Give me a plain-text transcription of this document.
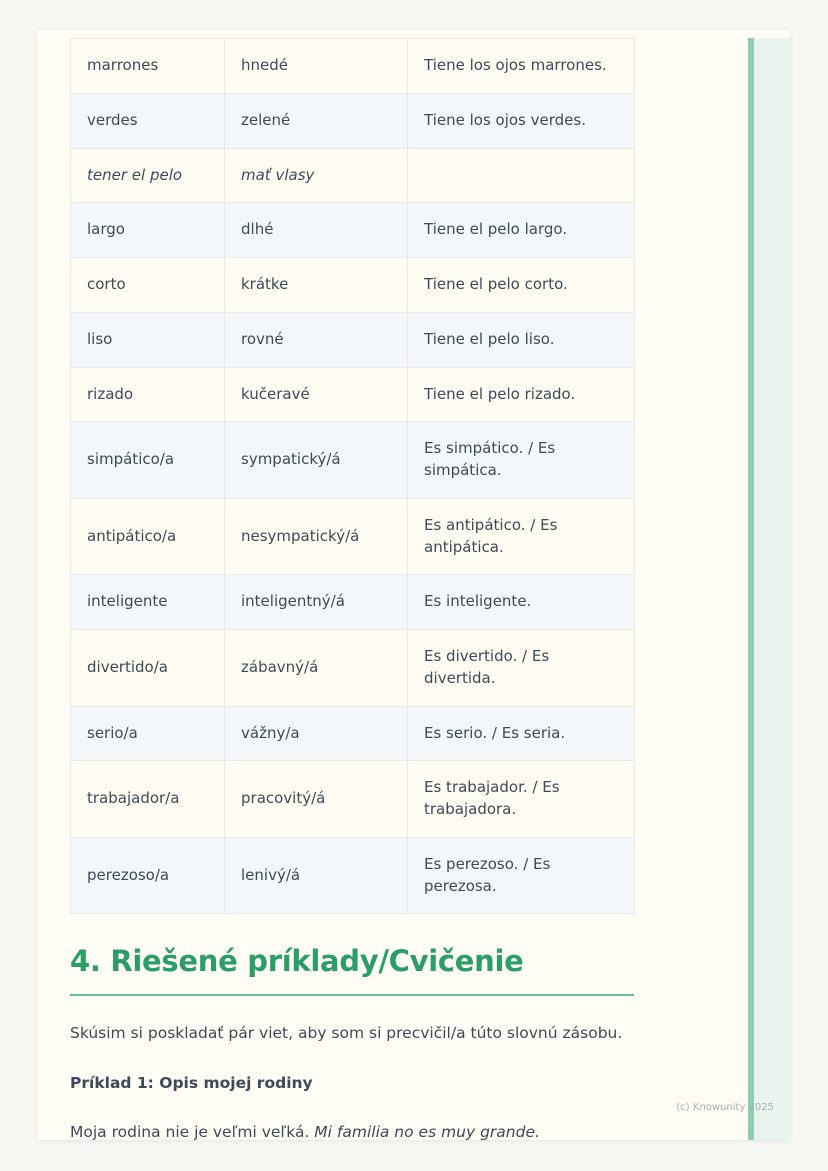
marrones	hnedé	Tiene los ojos marrones.
verdes	zelené	Tiene los ojos verdes.
tener el pelo	mať vlasy	
largo	dlhé	Tiene el pelo largo.
corto	krátke	Tiene el pelo corto.
liso	rovné	Tiene el pelo liso.
rizado	kučeravé	Tiene el pelo rizado.
simpático/a	sympatický/á	Es simpático. / Es simpática.
antipático/a	nesympatický/á	Es antipático. / Es antipática.
inteligente	inteligentný/á	Es inteligente.
divertido/a	zábavný/á	Es divertido. / Es divertida.
serio/a	vážny/a	Es serio. / Es seria.
trabajador/a	pracovitý/á	Es trabajador. / Es trabajadora.
perezoso/a	lenivý/á	Es perezoso. / Es perezosa.
4. Riešené príklady/Cvičenie

Skúsim si poskladať pár viet, aby som si precvičil/a túto slovnú zásobu.

Príklad 1: Opis mojej rodiny

Moja rodina nie je veľmi veľká. Mi familia no es muy grande.

(c) Knowunity 2025
